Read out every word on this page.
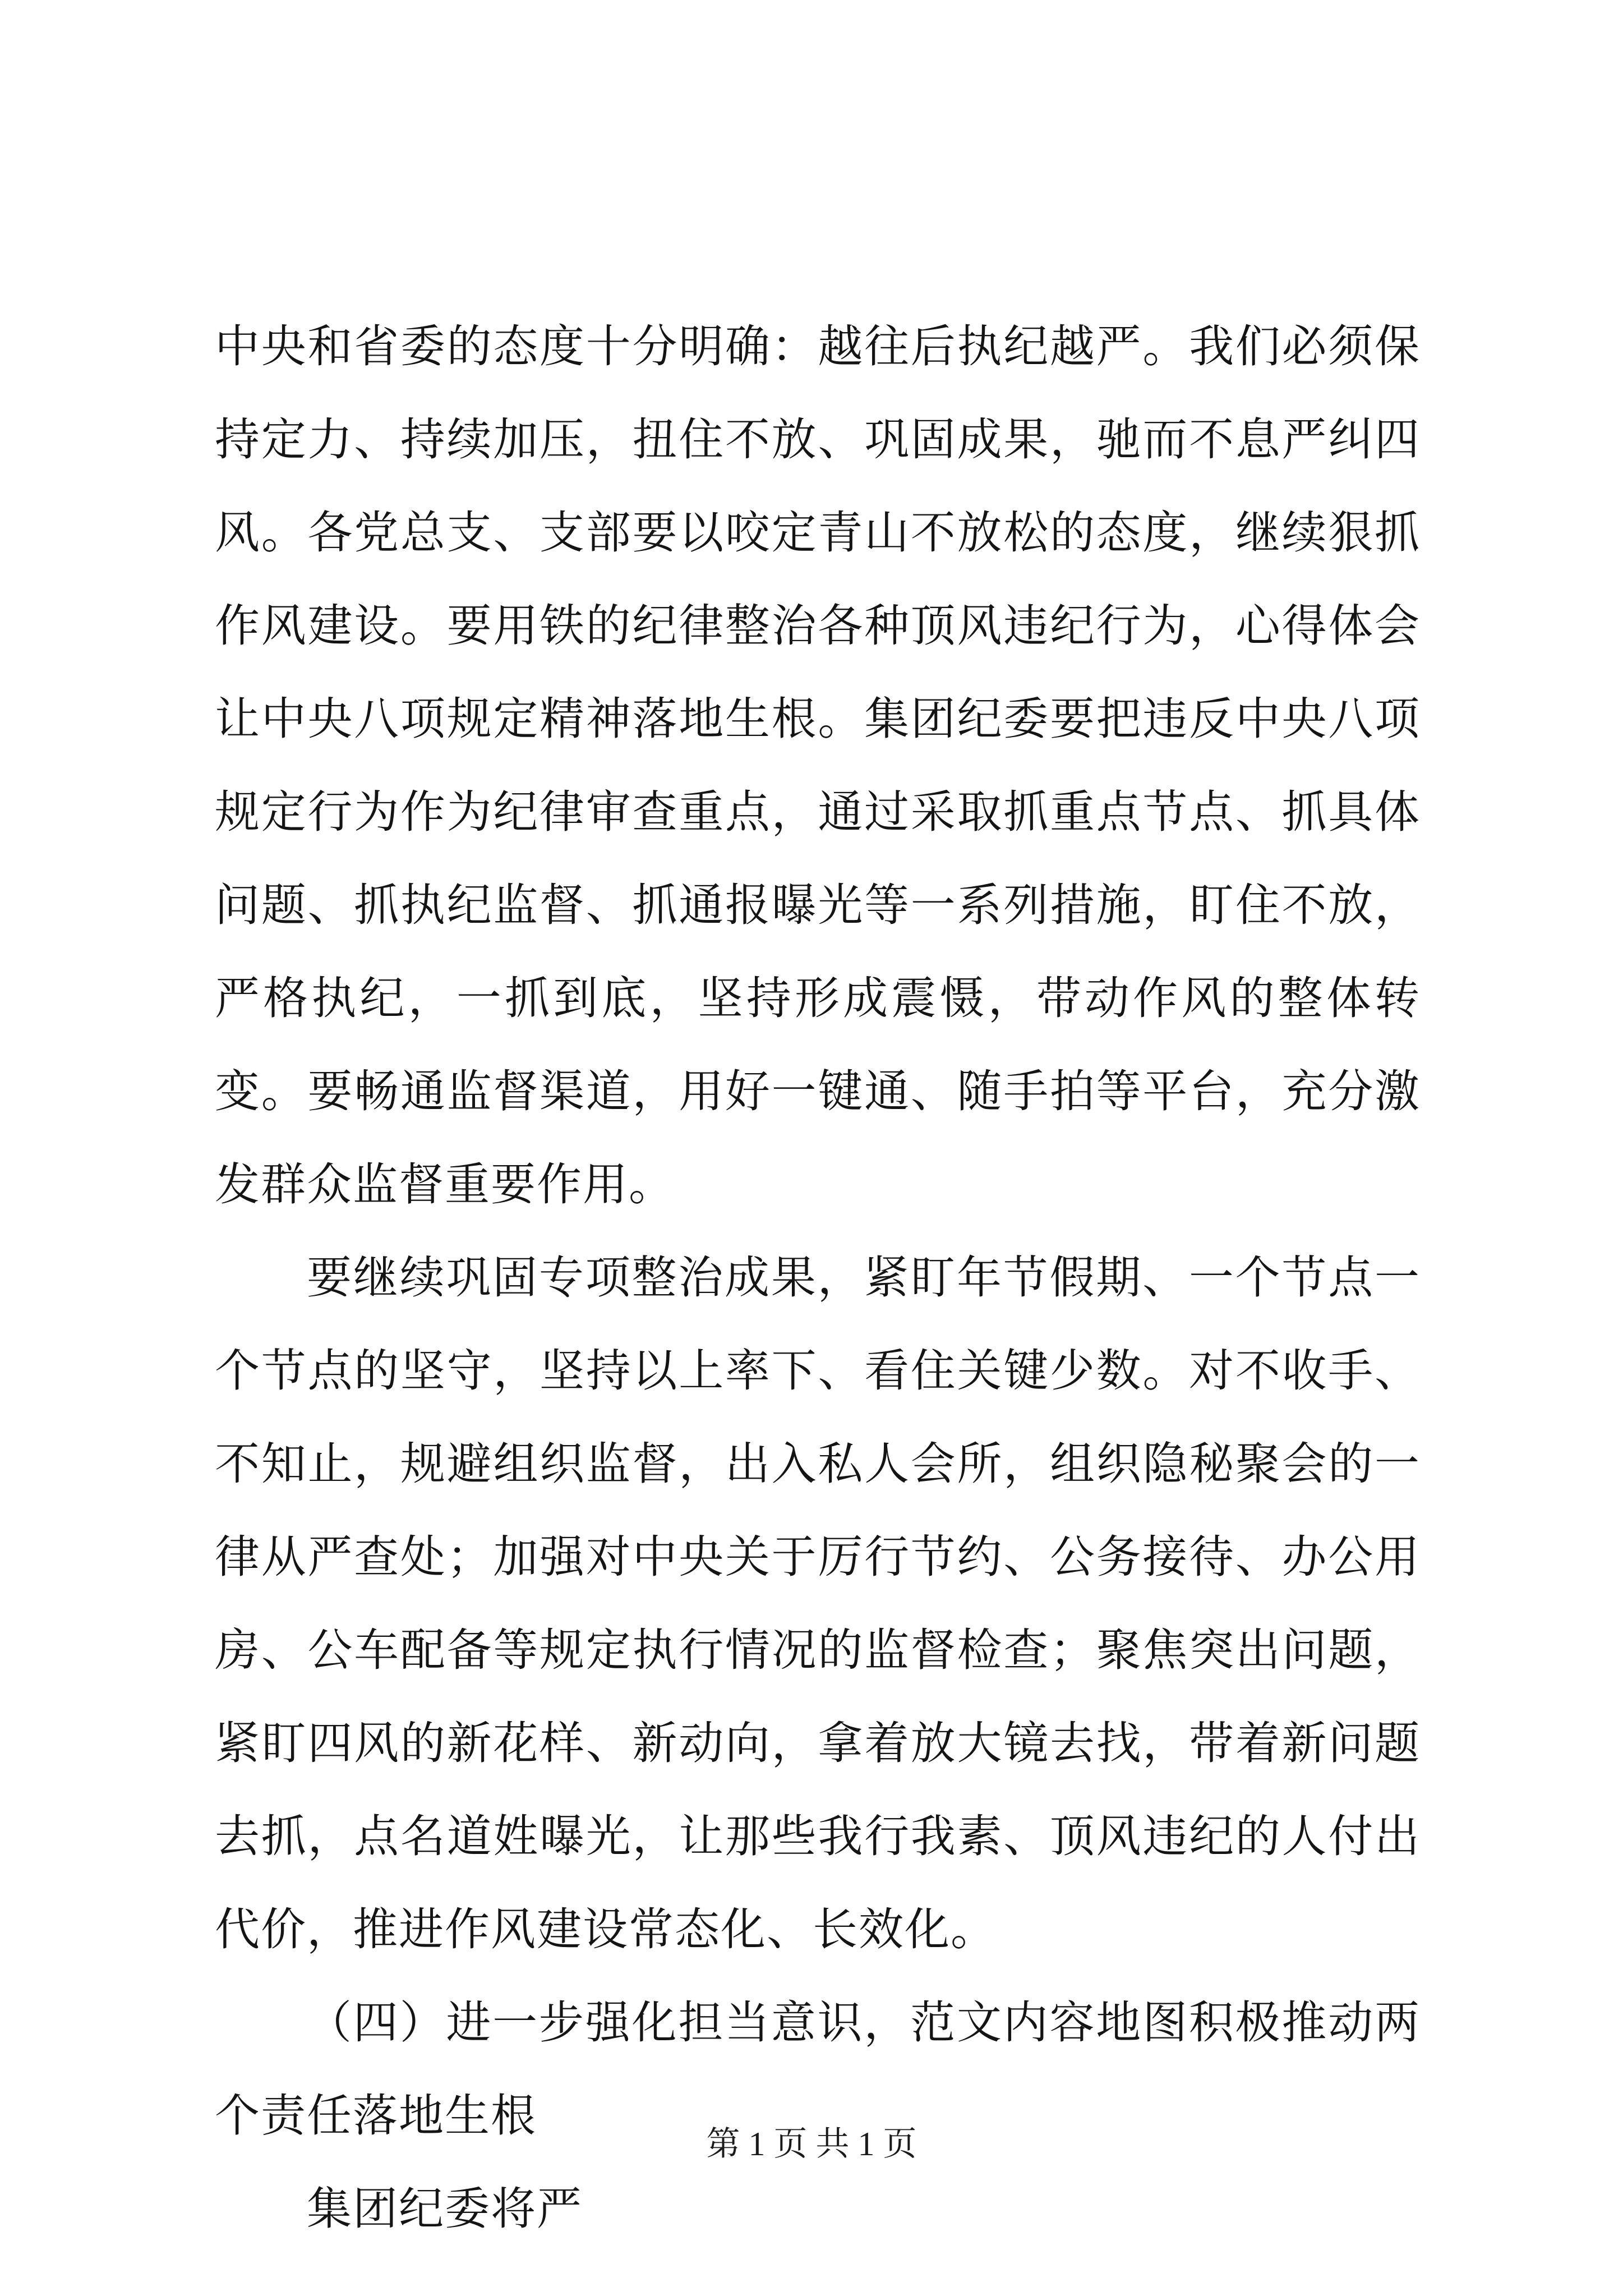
中央和省委的态度十分明确：越往后执纪越严。我们必须保持定力、持续加压，扭住不放、巩固成果，驰而不息严纠四风。各党总支、支部要以咬定青山不放松的态度，继续狠抓作风建设。要用铁的纪律整治各种顶风违纪行为，心得体会让中央八项规定精神落地生根。集团纪委要把违反中央八项规定行为作为纪律审查重点，通过采取抓重点节点、抓具体问题、抓执纪监督、抓通报曝光等一系列措施，盯住不放，严格执纪，一抓到底，坚持形成震慑，带动作风的整体转变。要畅通监督渠道，用好一键通、随手拍等平台，充分激发群众监督重要作用。

要继续巩固专项整治成果，紧盯年节假期、一个节点一个节点的坚守，坚持以上率下、看住关键少数。对不收手、不知止，规避组织监督，出入私人会所，组织隐秘聚会的一律从严查处；加强对中央关于厉行节约、公务接待、办公用房、公车配备等规定执行情况的监督检查；聚焦突出问题，紧盯四风的新花样、新动向，拿着放大镜去找，带着新问题去抓，点名道姓曝光，让那些我行我素、顶风违纪的人付出代价，推进作风建设常态化、长效化。

（四）进一步强化担当意识，范文内容地图积极推动两个责任落地生根

集团纪委将严

第 1 页 共 1 页
